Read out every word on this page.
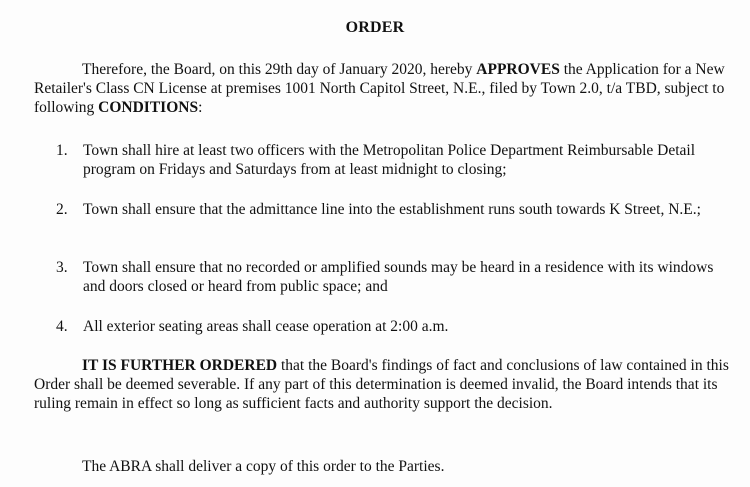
ORDER

Therefore, the Board, on this 29th day of January 2020, hereby APPROVES the Application for a New Retailer's Class CN License at premises 1001 North Capitol Street, N.E., filed by Town 2.0, t/a TBD, subject to following CONDITIONS:

1. Town shall hire at least two officers with the Metropolitan Police Department Reimbursable Detail program on Fridays and Saturdays from at least midnight to closing;
2. Town shall ensure that the admittance line into the establishment runs south towards K Street, N.E.;
3. Town shall ensure that no recorded or amplified sounds may be heard in a residence with its windows and doors closed or heard from public space; and
4. All exterior seating areas shall cease operation at 2:00 a.m.

IT IS FURTHER ORDERED that the Board's findings of fact and conclusions of law contained in this Order shall be deemed severable. If any part of this determination is deemed invalid, the Board intends that its ruling remain in effect so long as sufficient facts and authority support the decision.

The ABRA shall deliver a copy of this order to the Parties.
